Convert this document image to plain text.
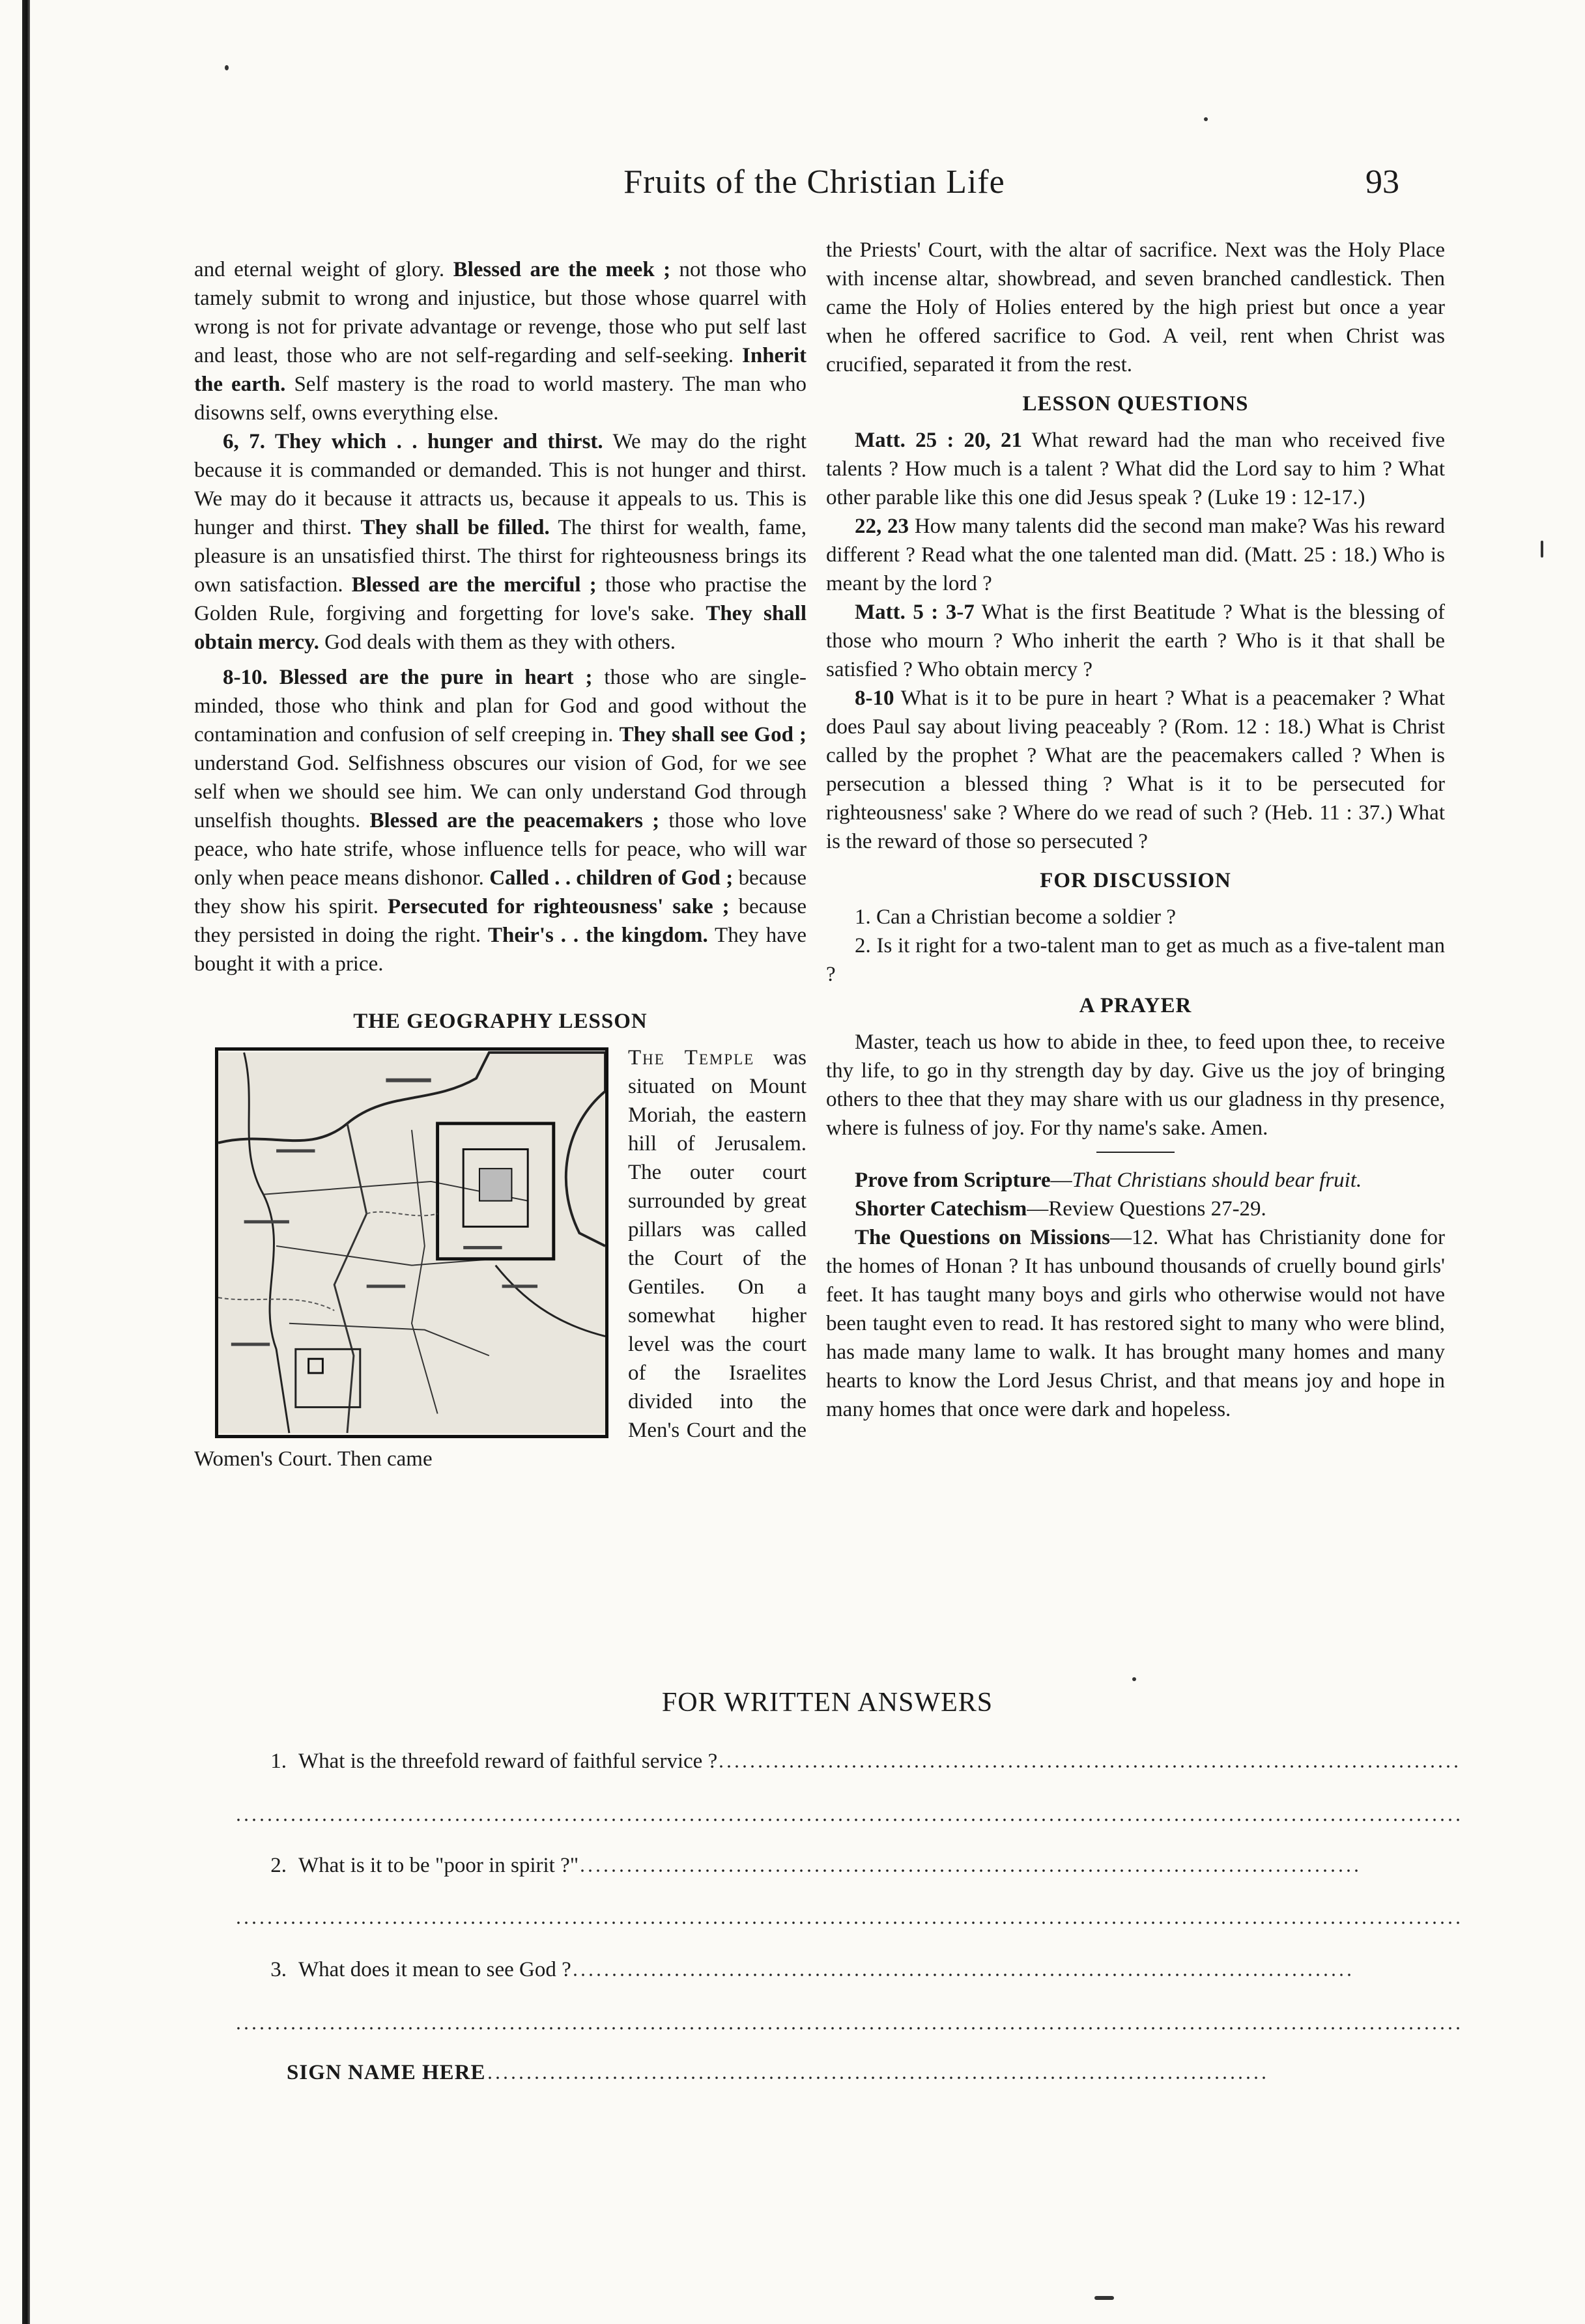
Fruits of the Christian Life	93

and eternal weight of glory. Blessed are the meek ; not those who tamely submit to wrong and injustice, but those whose quarrel with wrong is not for private advantage or revenge, those who put self last and least, those who are not self-regarding and self-seeking. Inherit the earth. Self mastery is the road to world mastery. The man who disowns self, owns everything else.

6, 7. They which . . hunger and thirst. We may do the right because it is commanded or demanded. This is not hunger and thirst. We may do it because it attracts us, because it appeals to us. This is hunger and thirst. They shall be filled. The thirst for wealth, fame, pleasure is an unsatisfied thirst. The thirst for righteousness brings its own satisfaction. Blessed are the merciful ; those who practise the Golden Rule, forgiving and forgetting for love's sake. They shall obtain mercy. God deals with them as they with others.

8-10. Blessed are the pure in heart ; those who are single-minded, those who think and plan for God and good without the contamination and confusion of self creeping in. They shall see God ; understand God. Selfishness obscures our vision of God, for we see self when we should see him. We can only understand God through unselfish thoughts. Blessed are the peacemakers ; those who love peace, who hate strife, whose influence tells for peace, who will war only when peace means dishonor. Called . . children of God ; because they show his spirit. Persecuted for righteousness' sake ; because they persisted in doing the right. Their's . . the kingdom. They have bought it with a price.

THE GEOGRAPHY LESSON

The Temple was situated on Mount Moriah, the eastern hill of Jerusalem. The outer court surrounded by great pillars was called the Court of the Gentiles. On a somewhat higher level was the court of the Israelites divided into the Men's Court and the Women's Court. Then came

the Priests' Court, with the altar of sacrifice. Next was the Holy Place with incense altar, showbread, and seven branched candlestick. Then came the Holy of Holies entered by the high priest but once a year when he offered sacrifice to God. A veil, rent when Christ was crucified, separated it from the rest.

LESSON QUESTIONS

Matt. 25 : 20, 21 What reward had the man who received five talents ? How much is a talent ? What did the Lord say to him ? What other parable like this one did Jesus speak ? (Luke 19 : 12-17.)

22, 23 How many talents did the second man make? Was his reward different ? Read what the one talented man did. (Matt. 25 : 18.) Who is meant by the lord ?

Matt. 5 : 3-7 What is the first Beatitude ? What is the blessing of those who mourn ? Who inherit the earth ? Who is it that shall be satisfied ? Who obtain mercy ?

8-10 What is it to be pure in heart ? What is a peacemaker ? What does Paul say about living peaceably ? (Rom. 12 : 18.) What is Christ called by the prophet ? What are the peacemakers called ? When is persecution a blessed thing ? What is it to be persecuted for righteousness' sake ? Where do we read of such ? (Heb. 11 : 37.) What is the reward of those so persecuted ?

FOR DISCUSSION

1. Can a Christian become a soldier ?

2. Is it right for a two-talent man to get as much as a five-talent man ?

A PRAYER

Master, teach us how to abide in thee, to feed upon thee, to receive thy life, to go in thy strength day by day. Give us the joy of bringing others to thee that they may share with us our gladness in thy presence, where is fulness of joy. For thy name's sake. Amen.

Prove from Scripture—That Christians should bear fruit.

Shorter Catechism—Review Questions 27-29.

The Questions on Missions—12. What has Christianity done for the homes of Honan ? It has unbound thousands of cruelly bound girls' feet. It has taught many boys and girls who otherwise would not have been taught even to read. It has restored sight to many who were blind, has made many lame to walk. It has brought many homes and many hearts to know the Lord Jesus Christ, and that means joy and hope in many homes that once were dark and hopeless.

FOR WRITTEN ANSWERS
1. What is the threefold reward of faithful service ?
2. What is it to be "poor in spirit ?"
3. What does it mean to see God ?
SIGN NAME HERE
